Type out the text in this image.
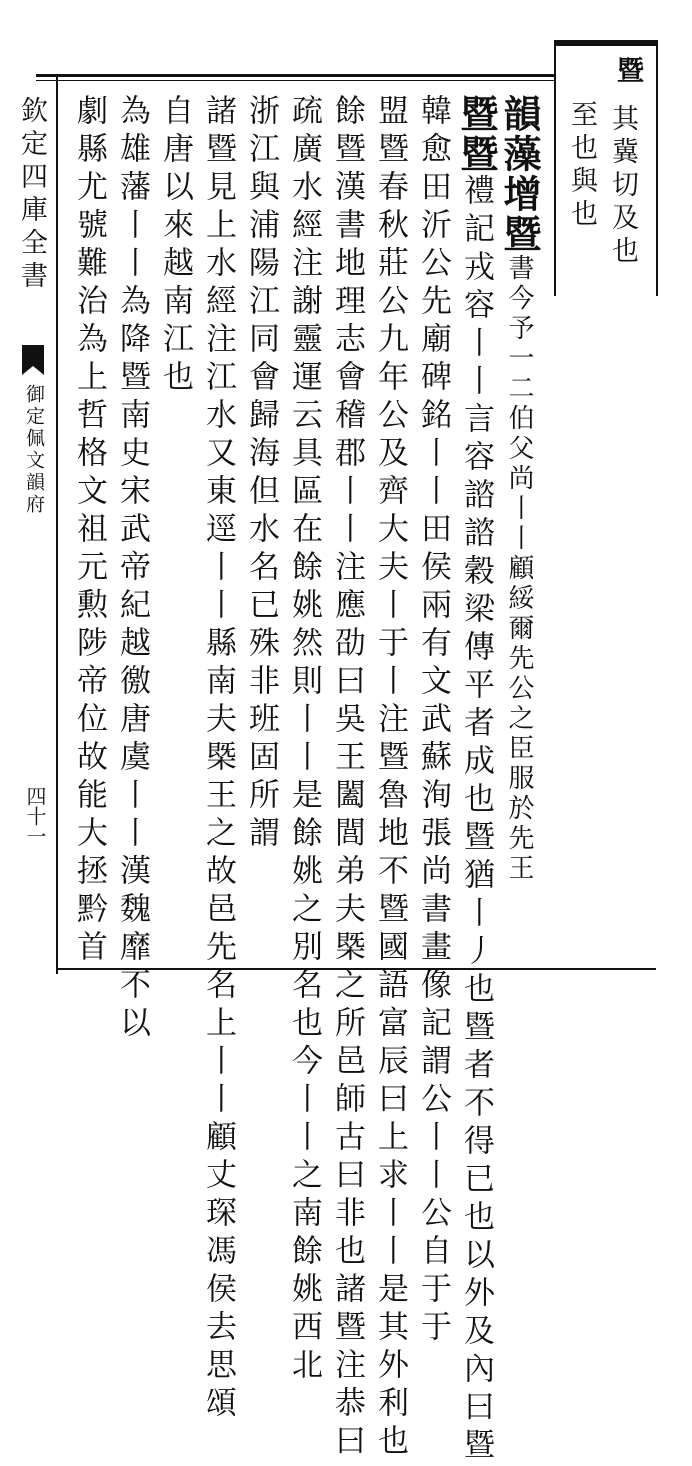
欽定四庫全書
御定佩文韻府
四十一
暨
其冀切及也
至也與也
韻藻增暨書今予一二伯父尚丨丨顧綏爾先公之臣服於先王
暨暨禮記戎容丨丨言容諮諮穀梁傳平者成也暨猶丨丿也暨者不得已也以外及內曰暨
韓愈田沂公先廟碑銘丨丨田侯兩有文武蘇洵張尚書畫像記謂公丨丨公自于于
盟暨春秋莊公九年公及齊大夫丨于丨注暨魯地不暨國語富辰曰上求丨丨是其外利也
餘暨漢書地理志會稽郡丨丨注應劭曰吳王闔閭弟夫槩之所邑師古曰非也諸暨注恭曰
疏廣水經注謝靈運云具區在餘姚然則丨丨是餘姚之別名也今丨丨之南餘姚西北
浙江與浦陽江同會歸海但水名已殊非班固所謂
諸暨見上水經注江水又東逕丨丨縣南夫槩王之故邑先名上丨丨顧丈琛馮侯去思頌
自唐以來越南江也
為雄藩丨丨為降暨南史宋武帝紀越徼唐虞丨丨漢魏靡不以
劇縣尤號難治為上哲格文祖元勲陟帝位故能大拯黔首
